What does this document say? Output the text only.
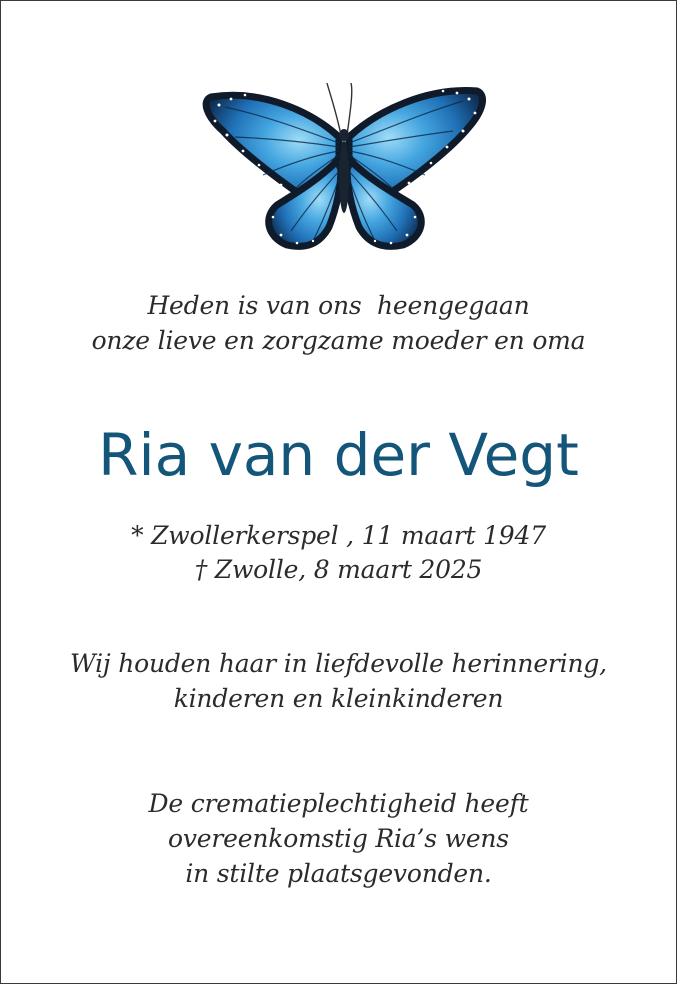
Heden is van ons  heengegaan
onze lieve en zorgzame moeder en oma
Ria van der Vegt
* Zwollerkerspel , 11 maart 1947
† Zwolle, 8 maart 2025
Wij houden haar in liefdevolle herinnering,
kinderen en kleinkinderen
De crematieplechtigheid heeft
overeenkomstig Ria’s wens
in stilte plaatsgevonden.
